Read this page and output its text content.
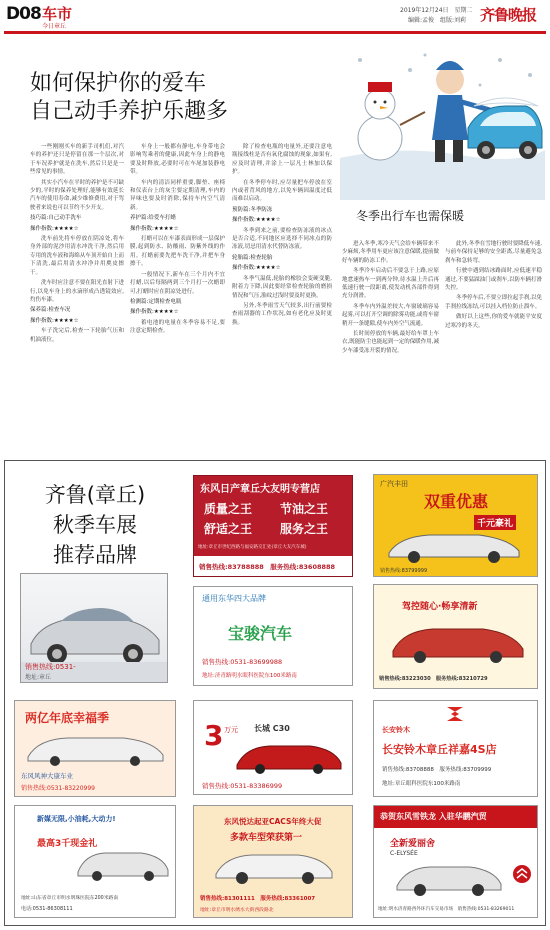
D08 车市
今日章丘
2019年12月24日　星期二
编辑:孟俊　组版:刘莉 齐鲁晚报
如何保护你的爱车
自己动手养护乐趣多
冬季出行车也需保暖

一些刚刚买车的新手司机们,对汽车的养护还只是停留在那一个层次,对于车况养护就是在洗车,然后只是是一些常见的事情。

其实小汽车在平时的养护是不可缺少的,平时的保养处理好,能够有效延长汽车的使用寿命,减少维修费用,对于驾驶者来说也可以节约不少开支。

技巧篇:自己动手洗车

操作指数:★★★★☆

洗车前先将车停放在阴凉处,将车身外部的泥沙用清水冲洗干净,然后用专用的洗车液和海绵从车顶开始自上而下清洗,最后用清水冲净并用麂皮擦干。

洗车时应注意不要在阳光直射下进行,以免车身上的水滴形成凸透镜效应,灼伤车漆。

保养篇:检查车况

操作指数:★★★★☆

车子洗完后,检查一下轮胎气压和机油液位。

车身上一般都有静电,车身带电会影响驾乘者的健康,因此车身上的静电要及时释放,必要时可在车尾加装静电带。

车内的清洁同样重要,脚垫、座椅和仪表台上的灰尘要定期清理,车内的异味也要及时消除,保持车内空气清新。

养护篇:给爱车打蜡

操作指数:★★★★☆

打蜡可以在车漆表面形成一层保护膜,起到防水、防酸雨、防紫外线的作用。打蜡前要先把车洗干净,并把车身擦干。

一般情况下,新车在三个月内不宜打蜡,以后每隔两到三个月打一次蜡即可,打蜡时应在阴凉处进行。

检测篇:定期检查电瓶

操作指数:★★★★☆

蓄电池的电量在冬季容易不足,要注意定期检查。

除了检查电瓶的电量外,还要注意电瓶接线柱是否有氧化腐蚀的现象,如果有,应及时清理,并涂上一层凡士林加以保护。

在冬季停车时,应尽量把车停放在室内或者背风的地方,以免车辆因温度过低而难以启动。

预防篇:冬季防冻

操作指数:★★★★☆

冬季到来之前,要检查防冻液的冰点是否合适,不同地区应选择不同冰点的防冻液,切忌用清水代替防冻液。

轮胎篇:检查轮胎

操作指数:★★★★☆

冬季气温低,轮胎的橡胶会变硬变脆,附着力下降,因此要经常检查轮胎的磨损情况和气压,胎纹过浅时要及时更换。

另外,冬季雨雪天气较多,出行前要检查雨刮器的工作状况,如有老化应及时更换。

进入冬季,寒冷天气会给车辆带来不少麻烦,冬季用车更应该注意保暖,提前做好车辆的防冻工作。

冬季冷车启动后不要急于上路,应原地怠速热车一到两分钟,待水温上升后再低速行驶一段距离,使发动机各部件得到充分润滑。

冬季车内外温差较大,车窗玻璃容易起雾,可以打开空调的除雾功能,或将车窗稍开一条缝隙,使车内外空气流通。

长时间停放的车辆,最好给车罩上车衣,既能防尘也能起到一定的保暖作用,减少车漆受冻开裂的情况。

此外,冬季在雪地行驶时要降低车速,与前车保持足够的安全距离,尽量避免急刹车和急转弯。

行驶中遇到结冰路面时,应低速平稳通过,不要猛踩油门或刹车,以防车辆打滑失控。

冬季停车后,不要立即拉起手刹,以免手刹拉线冻结,可以挂入档位防止溜车。

做好以上这些,你的爱车就能平安度过寒冷的冬天。

齐鲁(章丘)
秋季车展
推荐品牌
销售热线:0531-
地址:章丘
东风日产章丘大友明专营店
质量之王 节油之王
舒适之王 服务之王
地址:章丘市世纪西路与福安路交汇处(章丘大友汽车城)
销售热线:83788888　服务热线:83608888
广汽丰田
双重优惠
千元豪礼
销售热线:83799999
通用东华四大品牌
宝骏汽车
销售热线:0531-83699988
地址:济青路明水眼科医院东100米路南
驾控随心·畅享清新
销售热线:83223030　服务热线:83210729
两亿年底幸福季
东风风神大康车业
销售热线:0531-83220999
3 万元 长城 C30
销售热线:0531-83386999
长安铃木
长安铃木章丘祥嘉4S店
销售热线:83708888　服务热线:83709999
地址:章丘眼科医院东100米路南
新媒无限,小油耗,大动力!
最高3千现金礼
地址:山东省章丘市明水明珠医院东200米路南
电话:0531-86308111
东风悦达起亚CACS年终大促
多款车型荣获第一
销售热线:81301111　服务热线:83361007
地址:章丘市明水绣水大街西段路北
恭贺东风雪铁龙 入驻华鹏汽贸
全新爱丽舍
C-ELYSÉE
地址:明水济青路西外环汽车交易市场　销售热线:0531-83269011
